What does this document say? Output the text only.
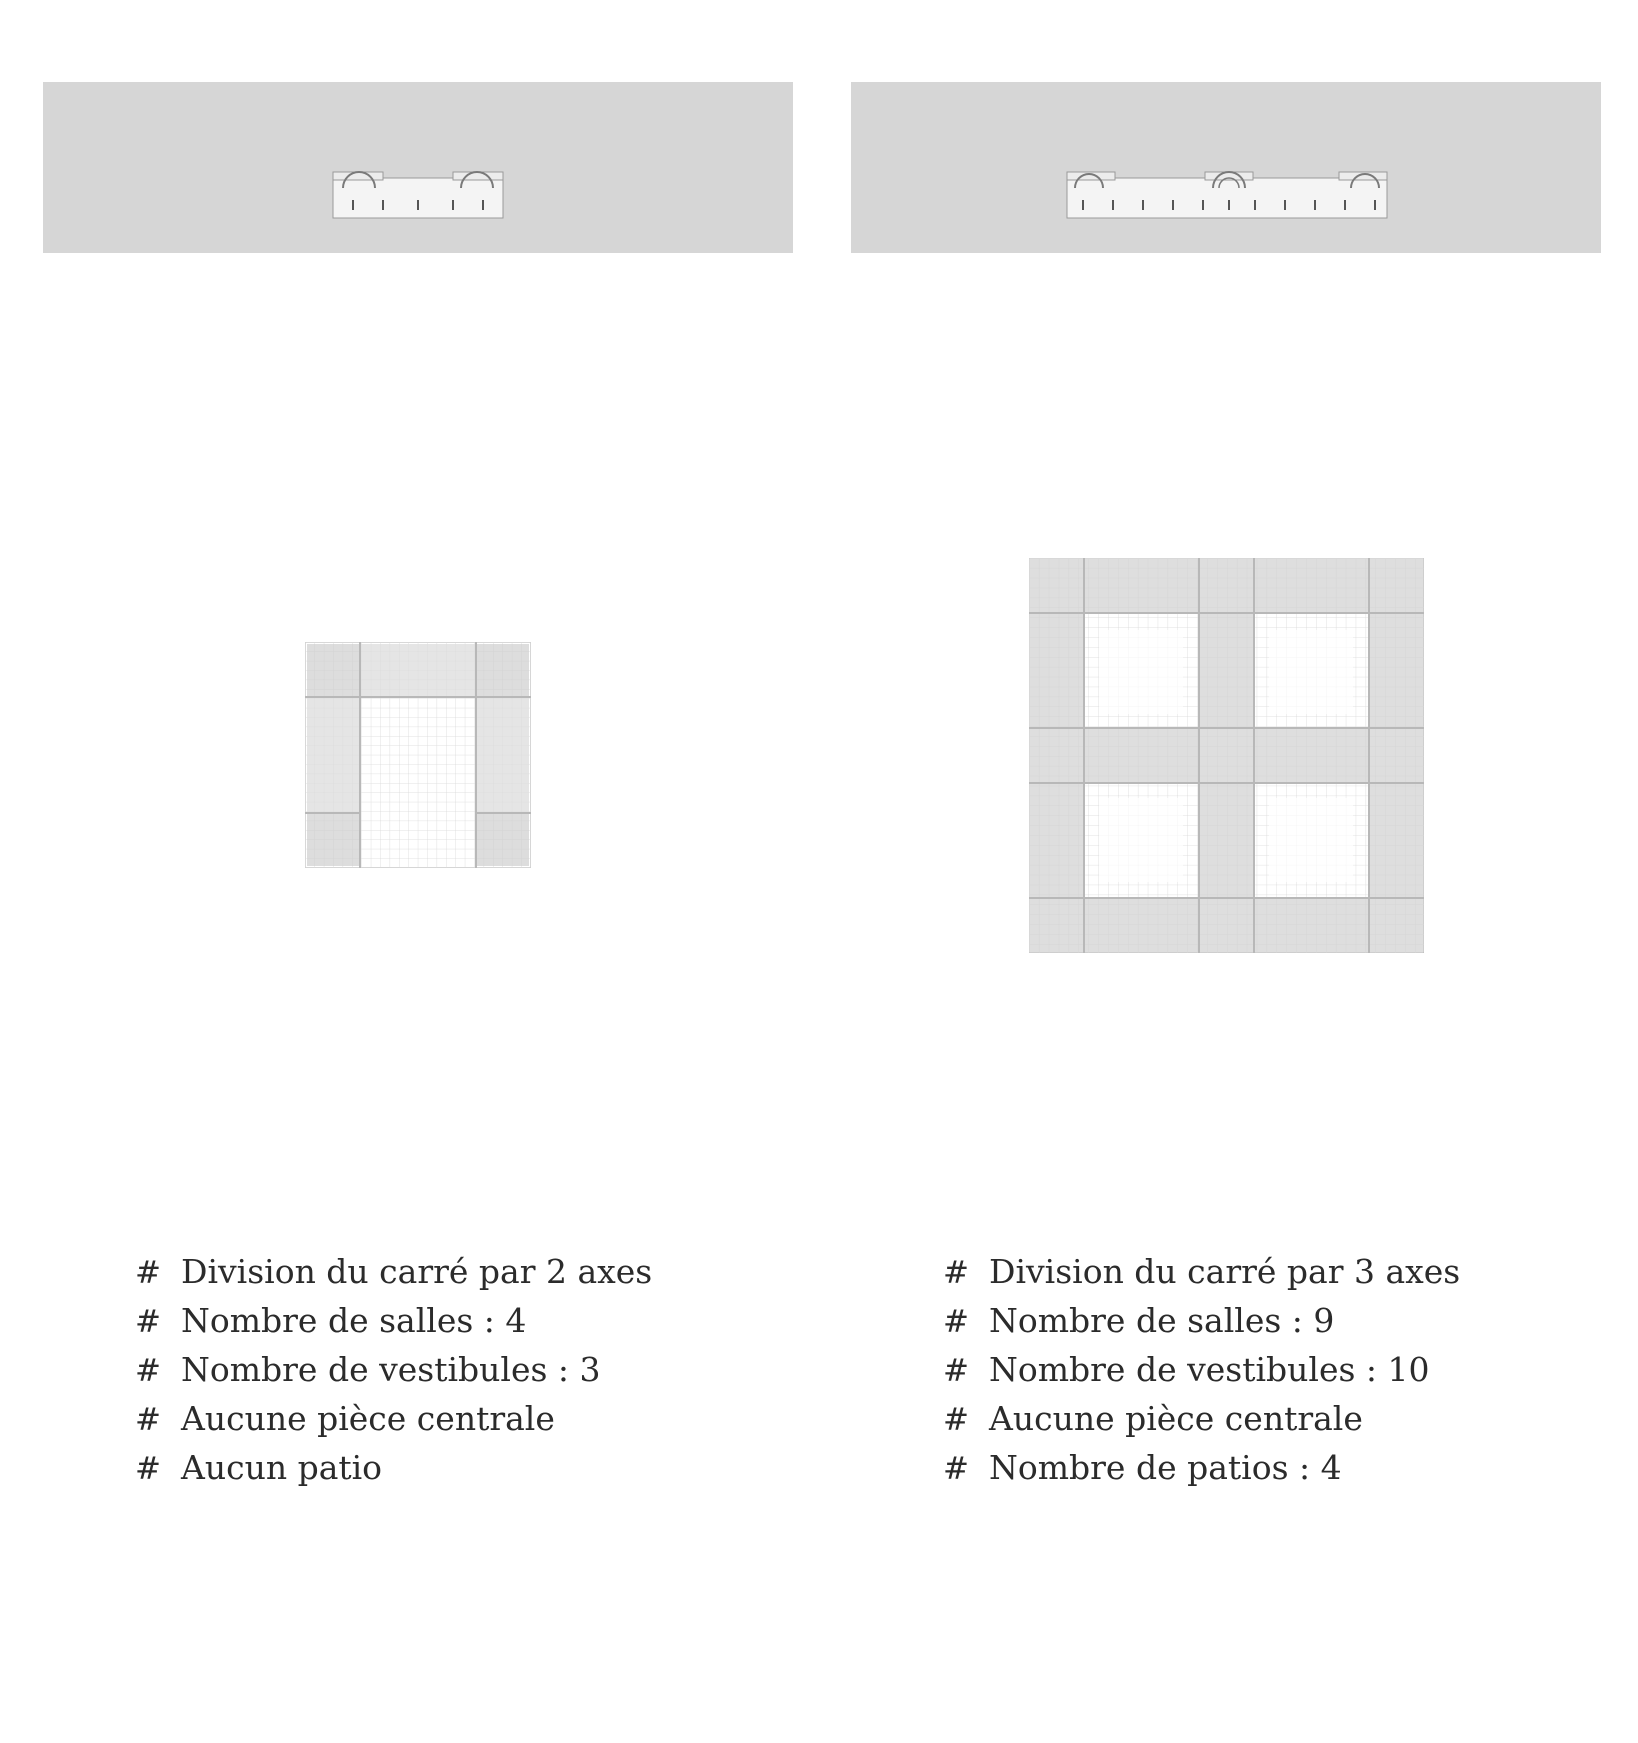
# Division du carré par 2 axes
# Nombre de salles : 4
# Nombre de vestibules : 3
# Aucune pièce centrale
# Aucun patio
# Division du carré par 3 axes
# Nombre de salles : 9
# Nombre de vestibules : 10
# Aucune pièce centrale
# Nombre de patios : 4
